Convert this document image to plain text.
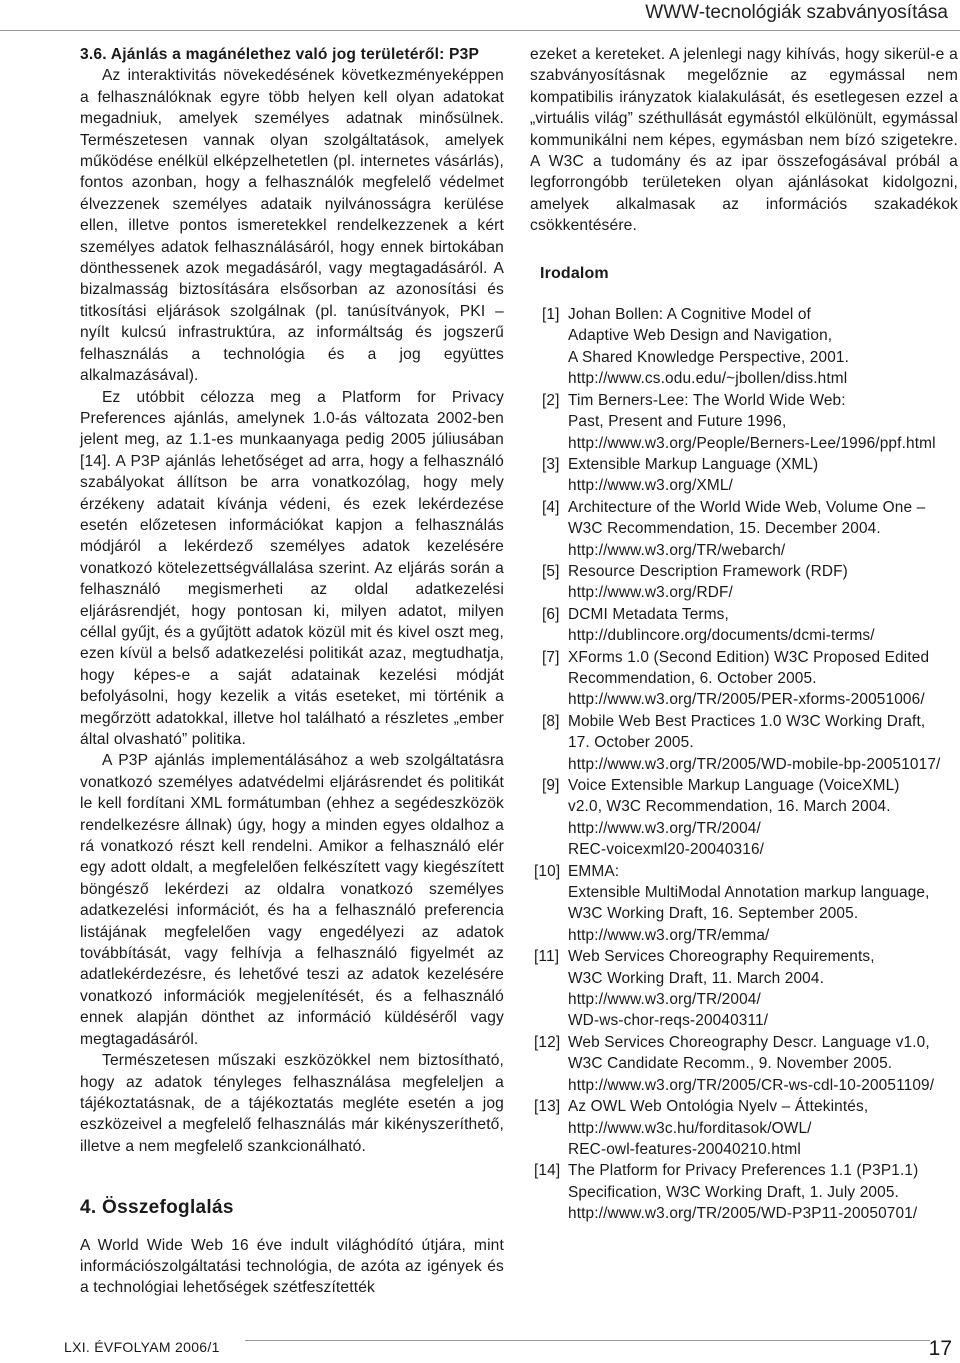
WWW-tecnológiák szabványosítása

3.6. Ajánlás a magánélethez való jog területéről: P3P

Az interaktivitás növekedésének következményeképpen a felhasználóknak egyre több helyen kell olyan adatokat megadniuk, amelyek személyes adatnak minősülnek. Természetesen vannak olyan szolgáltatások, amelyek működése enélkül elképzelhetetlen (pl. internetes vásárlás), fontos azonban, hogy a felhasználók megfelelő védelmet élvezzenek személyes adataik nyilvánosságra kerülése ellen, illetve pontos ismeretekkel rendelkezzenek a kért személyes adatok felhasználásáról, hogy ennek birtokában dönthessenek azok megadásáról, vagy megtagadásáról. A bizalmasság biztosítására elsősorban az azonosítási és titkosítási eljárások szolgálnak (pl. tanúsítványok, PKI – nyílt kulcsú infrastruktúra, az informáltság és jogszerű felhasználás a technológia és a jog együttes alkalmazásával).

Ez utóbbit célozza meg a Platform for Privacy Preferences ajánlás, amelynek 1.0-ás változata 2002-ben jelent meg, az 1.1-es munkaanyaga pedig 2005 júliusában [14]. A P3P ajánlás lehetőséget ad arra, hogy a felhasználó szabályokat állítson be arra vonatkozólag, hogy mely érzékeny adatait kívánja védeni, és ezek lekérdezése esetén előzetesen információkat kapjon a felhasználás módjáról a lekérdező személyes adatok kezelésére vonatkozó kötelezettségvállalása szerint. Az eljárás során a felhasználó megismerheti az oldal adatkezelési eljárásrendjét, hogy pontosan ki, milyen adatot, milyen céllal gyűjt, és a gyűjtött adatok közül mit és kivel oszt meg, ezen kívül a belső adatkezelési politikát azaz, megtudhatja, hogy képes-e a saját adatainak kezelési módját befolyásolni, hogy kezelik a vitás eseteket, mi történik a megőrzött adatokkal, illetve hol található a részletes „ember által olvasható” politika.

A P3P ajánlás implementálásához a web szolgáltatásra vonatkozó személyes adatvédelmi eljárásrendet és politikát le kell fordítani XML formátumban (ehhez a segédeszközök rendelkezésre állnak) úgy, hogy a minden egyes oldalhoz a rá vonatkozó részt kell rendelni. Amikor a felhasználó elér egy adott oldalt, a megfelelően felkészített vagy kiegészített böngésző lekérdezi az oldalra vonatkozó személyes adatkezelési információt, és ha a felhasználó preferencia listájának megfelelően vagy engedélyezi az adatok továbbítását, vagy felhívja a felhasználó figyelmét az adatlekérdezésre, és lehetővé teszi az adatok kezelésére vonatkozó információk megjelenítését, és a felhasználó ennek alapján dönthet az információ küldéséről vagy megtagadásáról.

Természetesen műszaki eszközökkel nem biztosítható, hogy az adatok tényleges felhasználása megfeleljen a tájékoztatásnak, de a tájékoztatás megléte esetén a jog eszközeivel a megfelelő felhasználás már kikényszeríthető, illetve a nem megfelelő szankcionálható.

4. Összefoglalás

A World Wide Web 16 éve indult világhódító útjára, mint információszolgáltatási technológia, de azóta az igények és a technológiai lehetőségek szétfeszítették

ezeket a kereteket. A jelenlegi nagy kihívás, hogy sikerül-e a szabványosításnak megelőznie az egymással nem kompatibilis irányzatok kialakulását, és esetlegesen ezzel a „virtuális világ” széthullását egymástól elkülönült, egymással kommunikálni nem képes, egymásban nem bízó szigetekre. A W3C a tudomány és az ipar összefogásával próbál a legforrongóbb területeken olyan ajánlásokat kidolgozni, amelyek alkalmasak az információs szakadékok csökkentésére.

Irodalom
[1] Johan Bollen: A Cognitive Model of
Adaptive Web Design and Navigation,
A Shared Knowledge Perspective, 2001.
http://www.cs.odu.edu/~jbollen/diss.html
[2] Tim Berners-Lee: The World Wide Web:
Past, Present and Future 1996,
http://www.w3.org/People/Berners-Lee/1996/ppf.html
[3] Extensible Markup Language (XML)
http://www.w3.org/XML/
[4] Architecture of the World Wide Web, Volume One –
W3C Recommendation, 15. December 2004.
http://www.w3.org/TR/webarch/
[5] Resource Description Framework (RDF)
http://www.w3.org/RDF/
[6] DCMI Metadata Terms,
http://dublincore.org/documents/dcmi-terms/
[7] XForms 1.0 (Second Edition) W3C Proposed Edited
Recommendation, 6. October 2005.
http://www.w3.org/TR/2005/PER-xforms-20051006/
[8] Mobile Web Best Practices 1.0 W3C Working Draft,
17. October 2005.
http://www.w3.org/TR/2005/WD-mobile-bp-20051017/
[9] Voice Extensible Markup Language (VoiceXML)
v2.0, W3C Recommendation, 16. March 2004.
http://www.w3.org/TR/2004/
REC-voicexml20-20040316/
[10] EMMA:
Extensible MultiModal Annotation markup language,
W3C Working Draft, 16. September 2005.
http://www.w3.org/TR/emma/
[11] Web Services Choreography Requirements,
W3C Working Draft, 11. March 2004.
http://www.w3.org/TR/2004/
WD-ws-chor-reqs-20040311/
[12] Web Services Choreography Descr. Language v1.0,
W3C Candidate Recomm., 9. November 2005.
http://www.w3.org/TR/2005/CR-ws-cdl-10-20051109/
[13] Az OWL Web Ontológia Nyelv – Áttekintés,
http://www.w3c.hu/forditasok/OWL/
REC-owl-features-20040210.html
[14] The Platform for Privacy Preferences 1.1 (P3P1.1)
Specification, W3C Working Draft, 1. July 2005.
http://www.w3.org/TR/2005/WD-P3P11-20050701/
LXI. ÉVFOLYAM 2006/1	17
